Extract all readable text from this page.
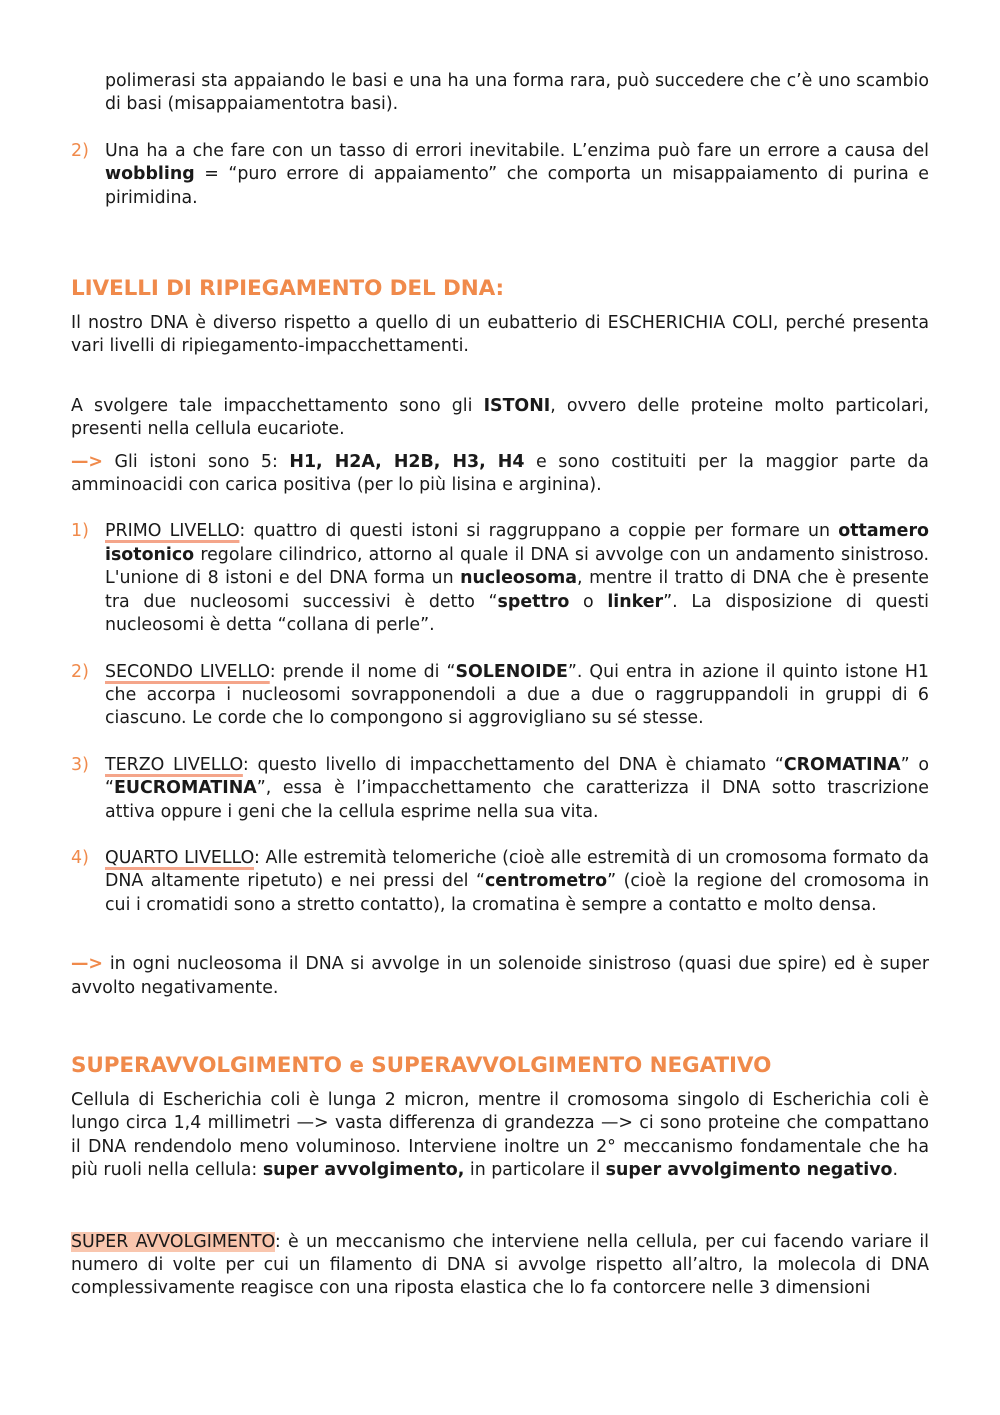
polimerasi sta appaiando le basi e una ha una forma rara, può succedere che c’è uno scambio di basi (misappaiamentotra basi).

2) Una ha a che fare con un tasso di errori inevitabile. L’enzima può fare un errore a causa del wobbling = “puro errore di appaiamento” che comporta un misappaiamento di purina e pirimidina.

LIVELLI DI RIPIEGAMENTO DEL DNA:

Il nostro DNA è diverso rispetto a quello di un eubatterio di ESCHERICHIA COLI, perché presenta vari livelli di ripiegamento-impacchettamenti.

A svolgere tale impacchettamento sono gli ISTONI, ovvero delle proteine molto particolari, presenti nella cellula eucariote.

—> Gli istoni sono 5: H1, H2A, H2B, H3, H4 e sono costituiti per la maggior parte da amminoacidi con carica positiva (per lo più lisina e arginina).

1) PRIMO LIVELLO: quattro di questi istoni si raggruppano a coppie per formare un ottamero isotonico regolare cilindrico, attorno al quale il DNA si avvolge con un andamento sinistroso. L'unione di 8 istoni e del DNA forma un nucleosoma, mentre il tratto di DNA che è presente tra due nucleosomi successivi è detto “spettro o linker”. La disposizione di questi nucleosomi è detta “collana di perle”.

2) SECONDO LIVELLO: prende il nome di “SOLENOIDE”. Qui entra in azione il quinto istone H1 che accorpa i nucleosomi sovrapponendoli a due a due o raggruppandoli in gruppi di 6 ciascuno. Le corde che lo compongono si aggrovigliano su sé stesse.

3) TERZO LIVELLO: questo livello di impacchettamento del DNA è chiamato “CROMATINA” o “EUCROMATINA”, essa è l’impacchettamento che caratterizza il DNA sotto trascrizione attiva oppure i geni che la cellula esprime nella sua vita.

4) QUARTO LIVELLO: Alle estremità telomeriche (cioè alle estremità di un cromosoma formato da DNA altamente ripetuto) e nei pressi del “centrometro” (cioè la regione del cromosoma in cui i cromatidi sono a stretto contatto), la cromatina è sempre a contatto e molto densa.

—> in ogni nucleosoma il DNA si avvolge in un solenoide sinistroso (quasi due spire) ed è super avvolto negativamente.

SUPERAVVOLGIMENTO e SUPERAVVOLGIMENTO NEGATIVO

Cellula di Escherichia coli è lunga 2 micron, mentre il cromosoma singolo di Escherichia coli è lungo circa 1,4 millimetri —> vasta differenza di grandezza —> ci sono proteine che compattano il DNA rendendolo meno voluminoso. Interviene inoltre un 2° meccanismo fondamentale che ha più ruoli nella cellula: super avvolgimento, in particolare il super avvolgimento negativo.

SUPER AVVOLGIMENTO: è un meccanismo che interviene nella cellula, per cui facendo variare il numero di volte per cui un filamento di DNA si avvolge rispetto all’altro, la molecola di DNA complessivamente reagisce con una riposta elastica che lo fa contorcere nelle 3 dimensioni
